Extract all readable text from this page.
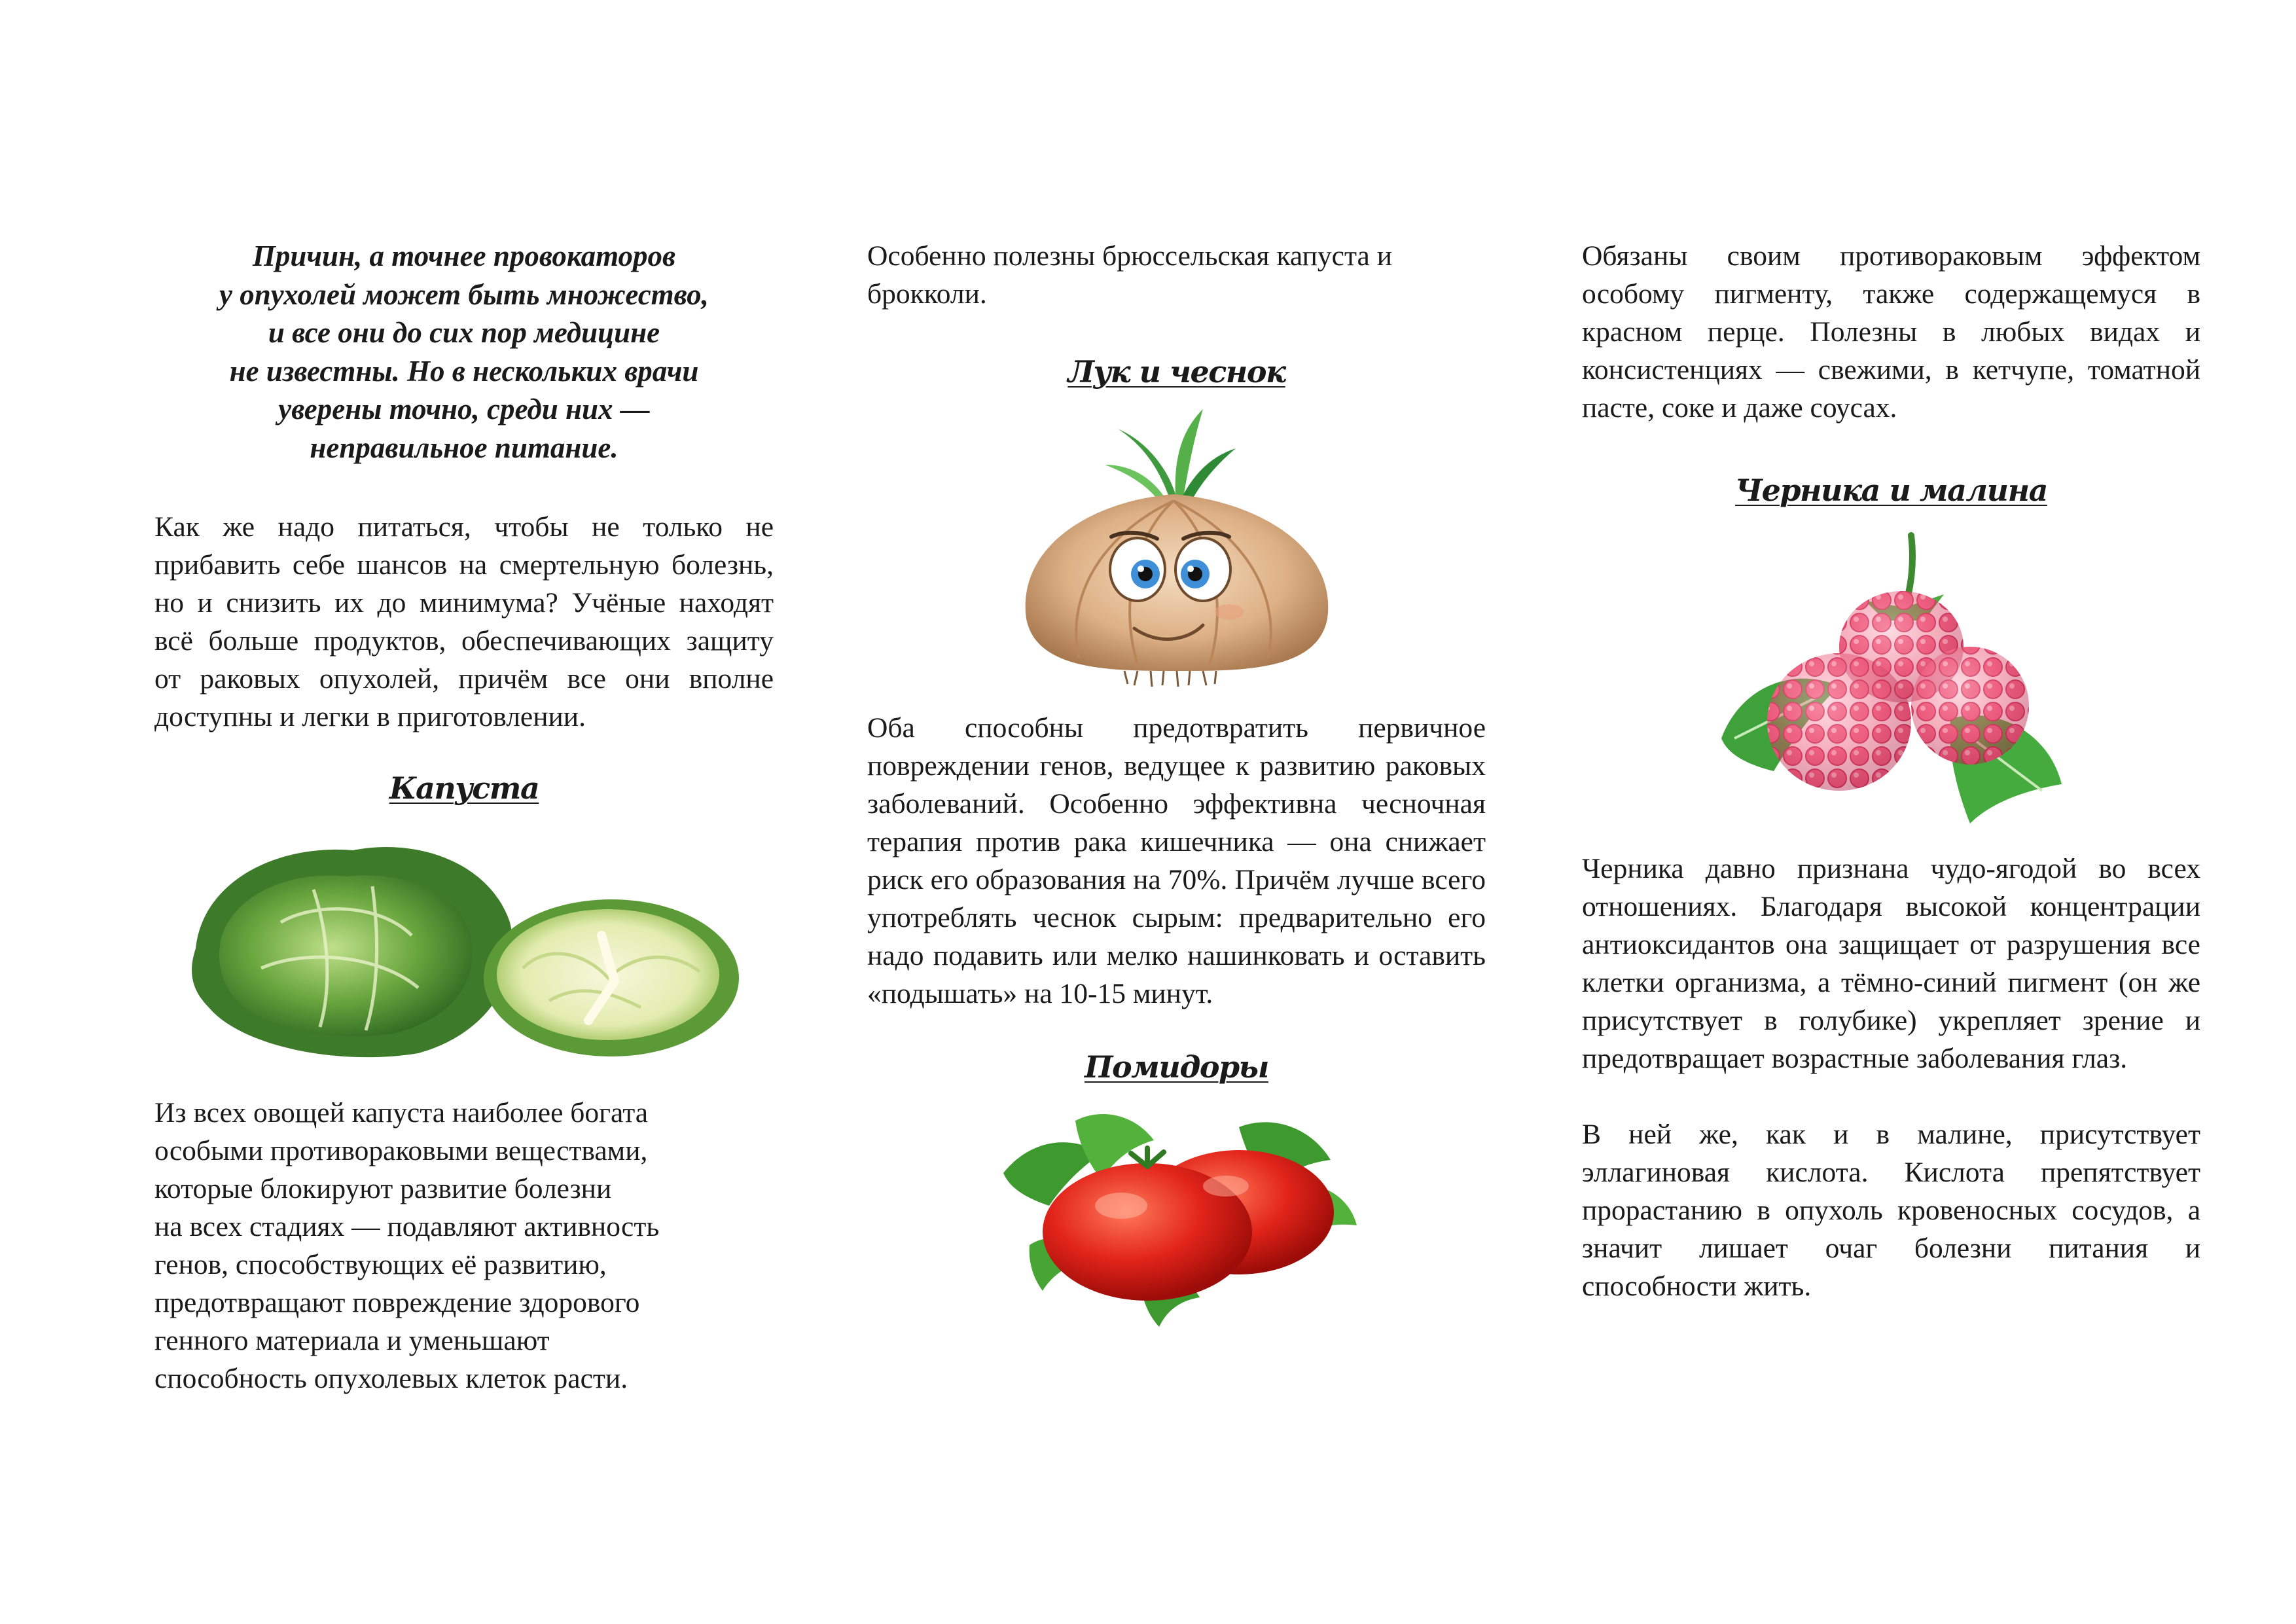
Причин, а точнее провокаторов
у опухолей может быть множество,
и все они до сих пор медицине
не известны. Но в нескольких врачи
уверены точно, среди них —
неправильное питание.

Как же надо питаться, чтобы не только не прибавить себе шансов на смертельную болезнь, но и снизить их до минимума? Учёные находят всё больше продуктов, обеспечивающих защиту от раковых опухолей, причём все они вполне доступны и легки в приготовлении.

Капуста

Из всех овощей капуста наиболее богата

особыми противораковыми веществами,

которые блокируют развитие болезни

на всех стадиях — подавляют активность

генов, способствующих её развитию,

предотвращают повреждение здорового

генного материала и уменьшают

способность опухолевых клеток расти.

Особенно полезны брюссельская капуста и брокколи.

Лук и чеснок

Оба способны предотвратить первичное повреждении генов, ведущее к развитию раковых заболеваний. Особенно эффективна чесночная терапия против рака кишечника — она снижает риск его образования на 70%. Причём лучше всего употреблять чеснок сырым: предварительно его надо подавить или мелко нашинковать и оставить «подышать» на 10-15 минут.

Помидоры

Обязаны своим противораковым эффектом особому пигменту, также содержащемуся в красном перце. Полезны в любых видах и консистенциях — свежими, в кетчупе, томатной пасте, соке и даже соусах.

Черника и малина

Черника давно признана чудо-ягодой во всех отношениях. Благодаря высокой концентрации антиоксидантов она защищает от разрушения все клетки организма, а тёмно-синий пигмент (он же присутствует в голубике) укрепляет зрение и предотвращает возрастные заболевания глаз.

В ней же, как и в малине, присутствует эллагиновая кислота. Кислота препятствует прорастанию в опухоль кровеносных сосудов, а значит лишает очаг болезни питания и способности жить.
